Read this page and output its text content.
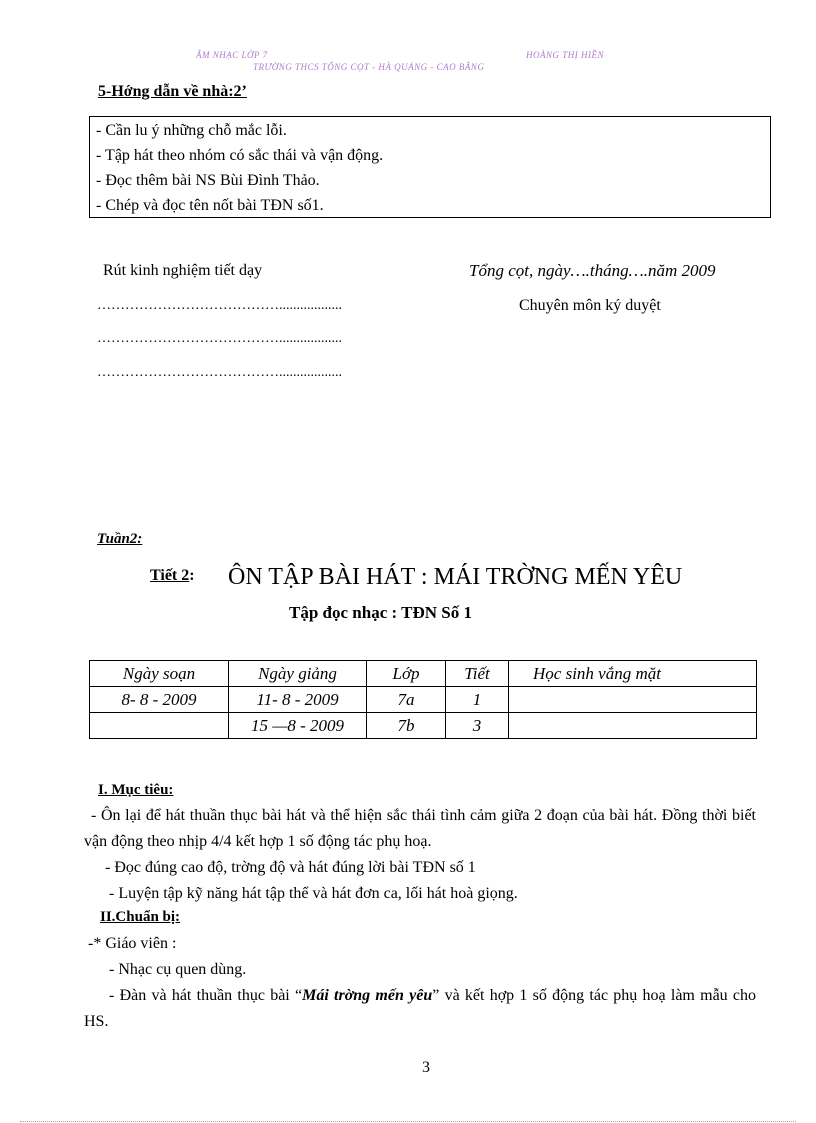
ÂM NHẠC LỚP 7	HOÀNG THỊ HIỀN
TRƯỜNG THCS TỔNG CỌT - HÀ QUẢNG - CAO BẰNG
5-Hớng dẫn về nhà:2’
- Cần lu ý những chỗ mắc lỗi.
- Tập hát theo nhóm có sắc thái và vận động.
- Đọc thêm bài NS Bùi Đình Thảo.
- Chép và đọc tên nốt bài TĐN số1.
Rút kinh nghiệm tiết dạy
…………………………………..................
…………………………………..................
…………………………………..................
Tổng cọt, ngày….tháng….năm 2009
Chuyên môn ký duyệt
Tuần2:
Tiết 2: ÔN TẬP BÀI HÁT : MÁI TRỜNG MẾN YÊU
Tập đọc nhạc : TĐN Số 1
Ngày soạn	Ngày giảng	Lớp	Tiết	Học sinh vắng mặt
8- 8 - 2009	11- 8 - 2009	7a	1	
	15 —8 - 2009	7b	3	
I. Mục tiêu:

- Ôn lại để hát thuần thục bài hát và thể hiện sắc thái tình cảm giữa 2 đoạn của bài hát. Đồng thời biết vận động theo nhịp 4/4 kết hợp 1 số động tác phụ hoạ.

- Đọc đúng cao độ, trờng độ và hát đúng lời bài TĐN số 1

- Luyện tập kỹ năng hát tập thể và hát đơn ca, lối hát hoà giọng.

II.Chuẩn bị:

-* Giáo viên :

- Nhạc cụ quen dùng.

- Đàn và hát thuần thục bài “Mái trờng mến yêu” và kết hợp 1 số động tác phụ hoạ làm mẫu cho HS.

3
